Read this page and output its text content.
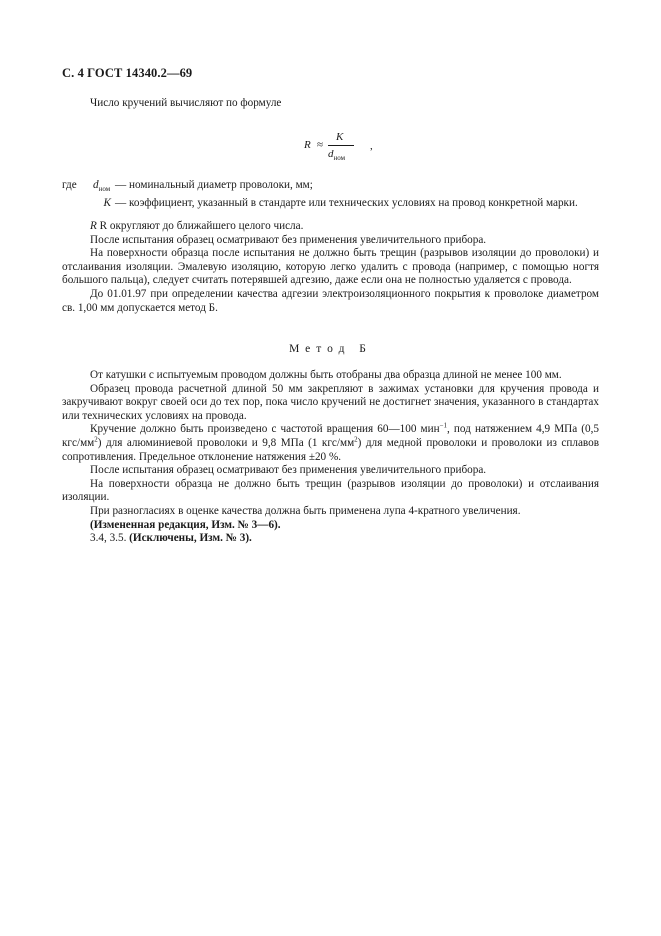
С. 4 ГОСТ 14340.2—69

Число кручений вычисляют по формуле

R ≈
K
$d_{ном}$
,
где	$d_{ном}$ — номинальный диаметр проволоки, мм;
K — коэффициент, указанный в стандарте или технических условиях на провод конкретной марки.

R R округляют до ближайшего целого числа.

После испытания образец осматривают без применения увеличительного прибора.

На поверхности образца после испытания не должно быть трещин (разрывов изоляции до проволоки) и отслаивания изоляции. Эмалевую изоляцию, которую легко удалить с провода (например, с помощью ногтя большого пальца), следует считать потерявшей адгезию, даже если она не полностью удаляется с провода.

До 01.01.97 при определении качества адгезии электроизоляционного покрытия к проволоке диаметром св. 1,00 мм допускается метод Б.

Метод Б

От катушки с испытуемым проводом должны быть отобраны два образца длиной не менее 100 мм.

Образец провода расчетной длиной 50 мм закрепляют в зажимах установки для кручения провода и закручивают вокруг своей оси до тех пор, пока число кручений не достигнет значения, указанного в стандартах или технических условиях на провода.

Кручение должно быть произведено с частотой вращения 60—100 мин$^{-1}$, под натяжением 4,9 МПа (0,5 кгс/$мм^2$) для алюминиевой проволоки и 9,8 МПа (1 кгс/$мм^2$) для медной проволоки и проволоки из сплавов сопротивления. Предельное отклонение натяжения ±20 %.

После испытания образец осматривают без применения увеличительного прибора.

На поверхности образца не должно быть трещин (разрывов изоляции до проволоки) и отслаивания изоляции.

При разногласиях в оценке качества должна быть применена лупа 4-кратного увеличения.

(Измененная редакция, Изм. № 3—6).

3.4, 3.5. (Исключены, Изм. № 3).
